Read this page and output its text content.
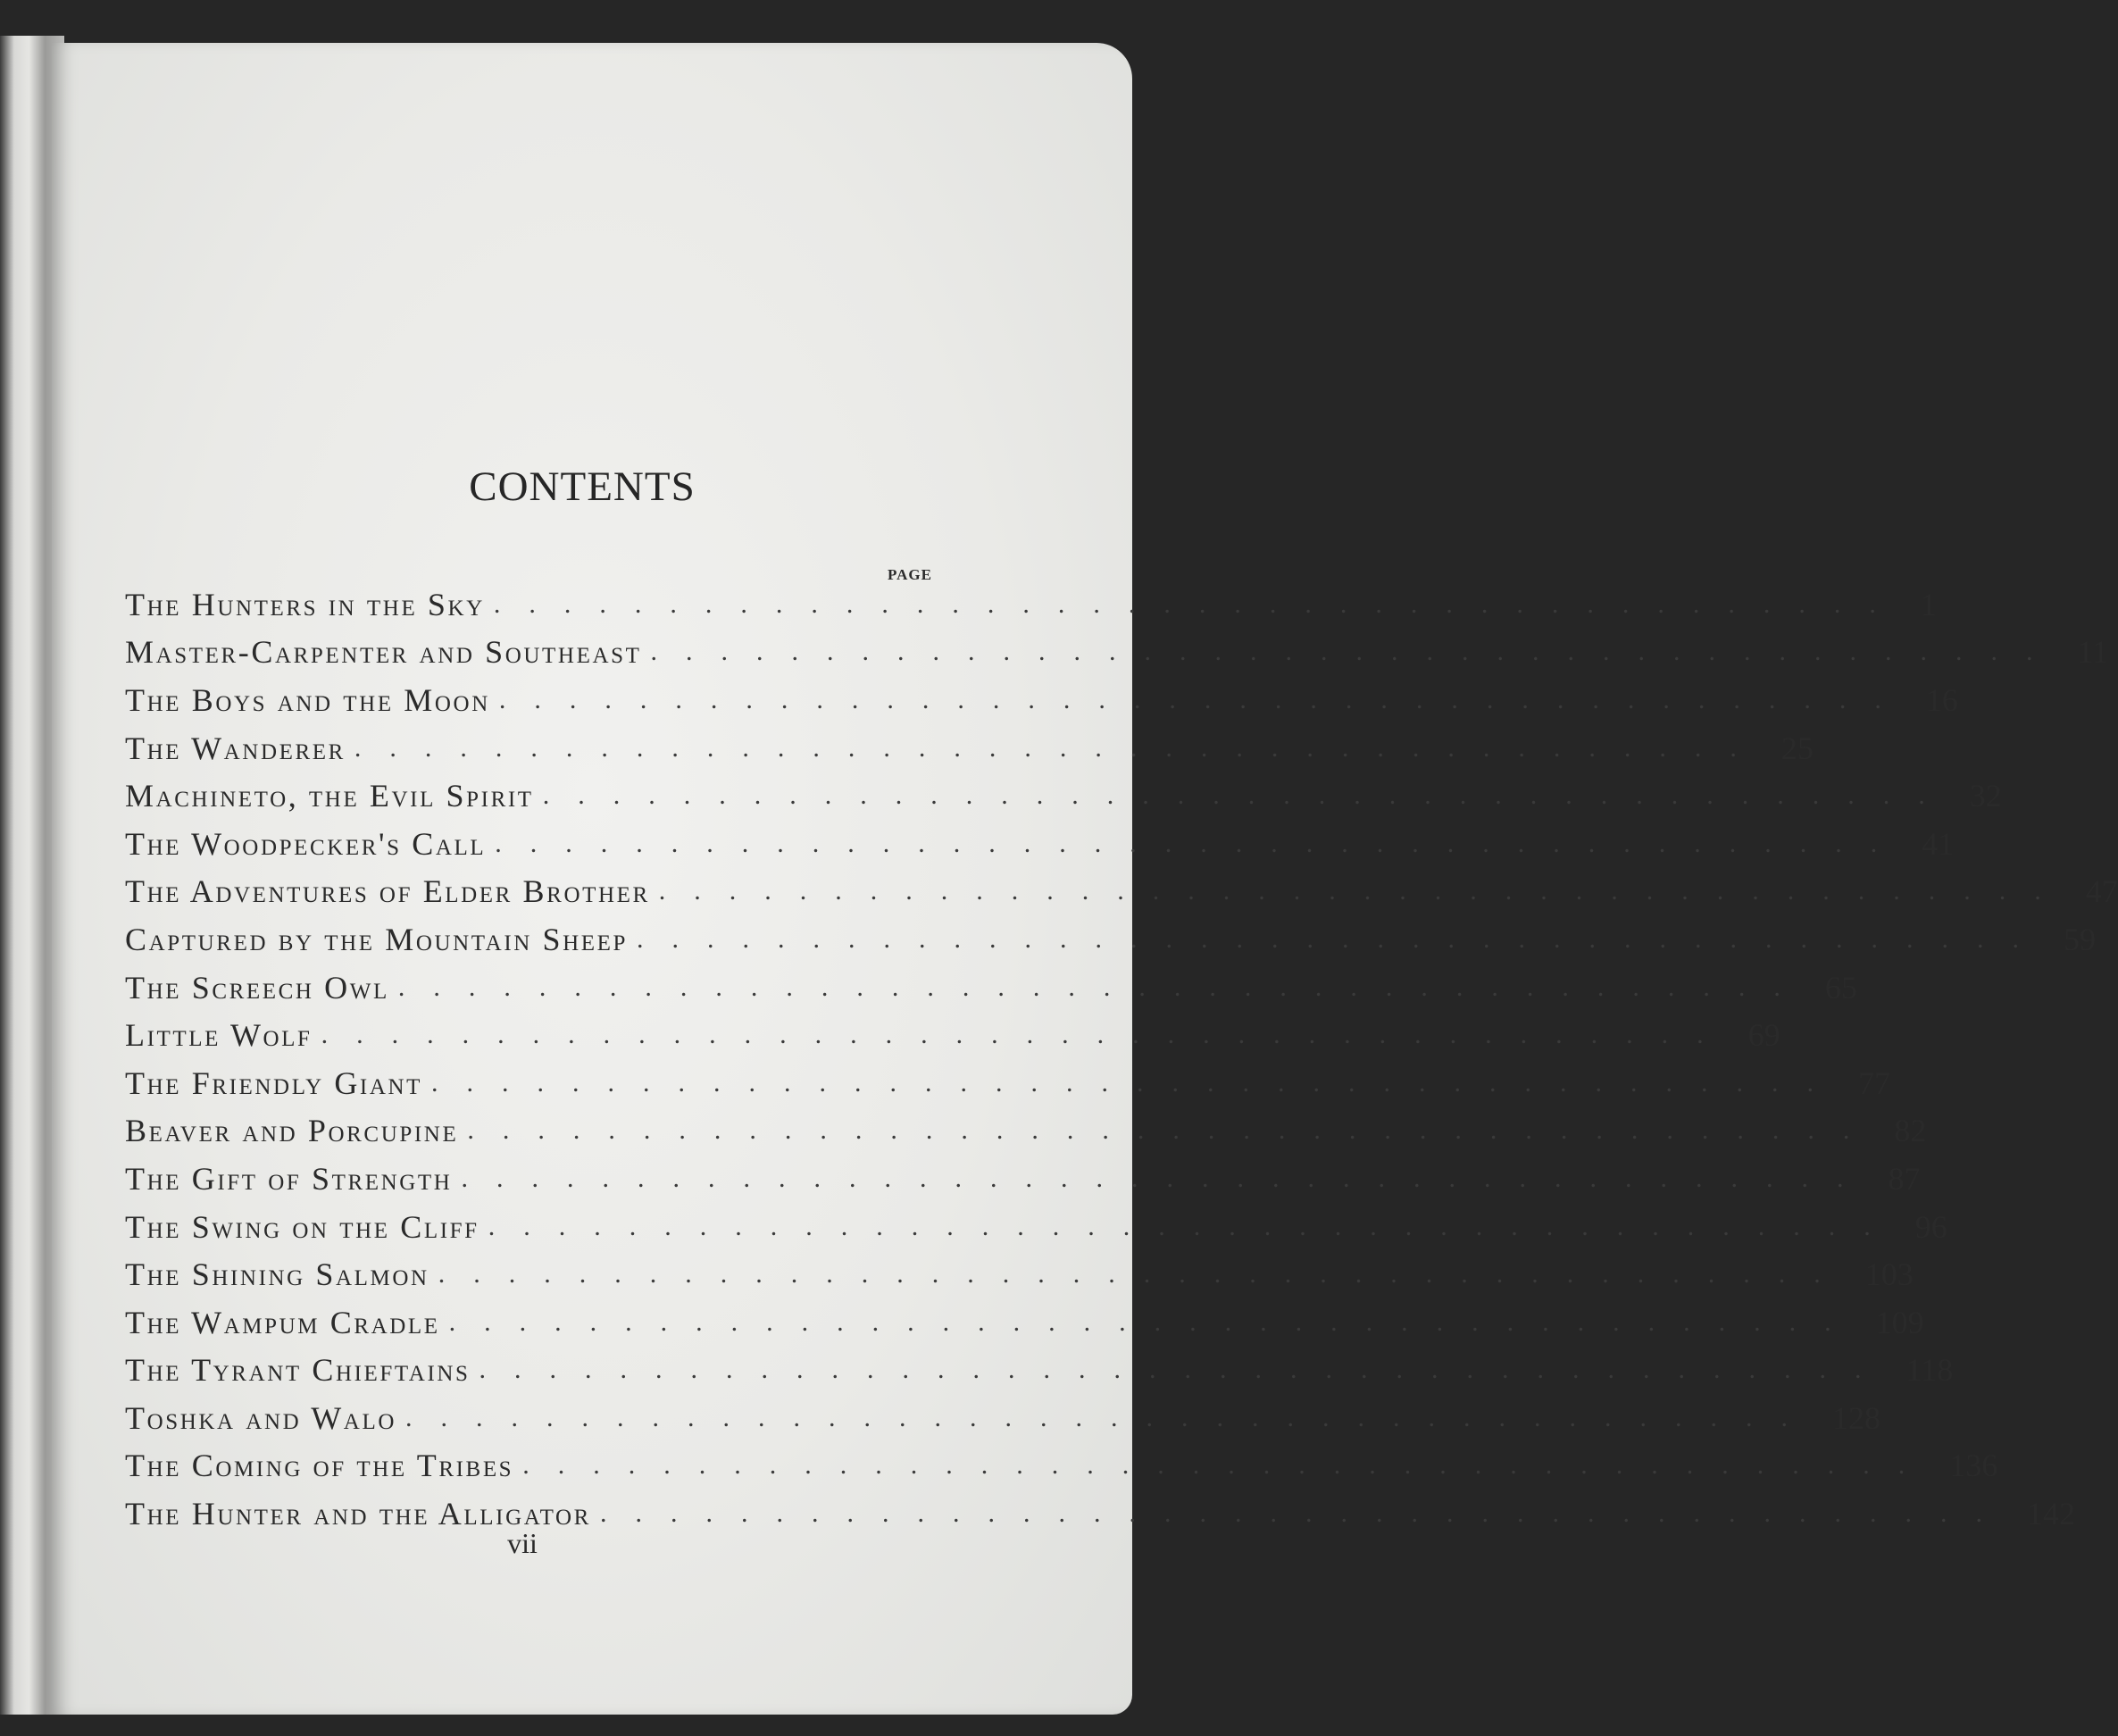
CONTENTS
PAGE
The Hunters in the Sky ........................................ 1
Master-Carpenter and Southeast ........................................ 11
The Boys and the Moon ........................................ 16
The Wanderer ........................................ 25
Machineto, the Evil Spirit ........................................ 32
The Woodpecker's Call ........................................ 41
The Adventures of Elder Brother ........................................ 47
Captured by the Mountain Sheep ........................................ 59
The Screech Owl ........................................ 65
Little Wolf ........................................ 69
The Friendly Giant ........................................ 77
Beaver and Porcupine ........................................ 82
The Gift of Strength ........................................ 87
The Swing on the Cliff ........................................ 96
The Shining Salmon ........................................ 103
The Wampum Cradle ........................................ 109
The Tyrant Chieftains ........................................ 118
Toshka and Walo ........................................ 128
The Coming of the Tribes ........................................ 136
The Hunter and the Alligator ........................................ 142
vii
